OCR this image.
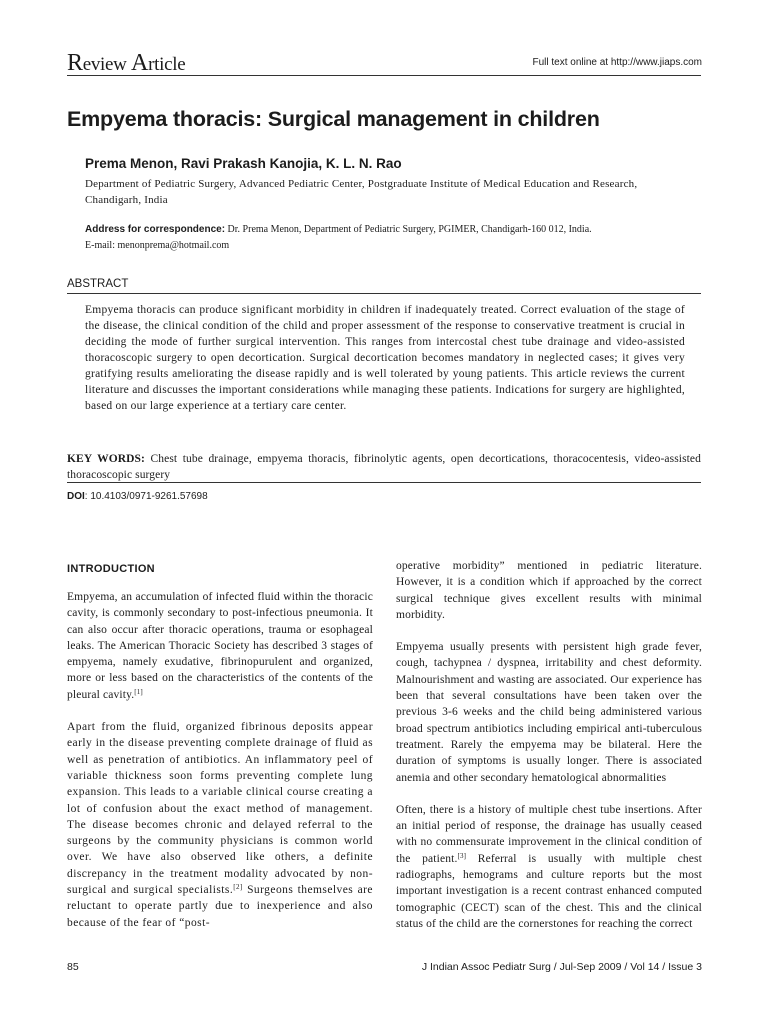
Review Article	Full text online at http://www.jiaps.com
Empyema thoracis: Surgical management in children
Prema Menon, Ravi Prakash Kanojia, K. L. N. Rao
Department of Pediatric Surgery, Advanced Pediatric Center, Postgraduate Institute of Medical Education and Research, Chandigarh, India
Address for correspondence: Dr. Prema Menon, Department of Pediatric Surgery, PGIMER, Chandigarh-160 012, India.
E-mail: menonprema@hotmail.com
ABSTRACT
Empyema thoracis can produce significant morbidity in children if inadequately treated. Correct evaluation of the stage of the disease, the clinical condition of the child and proper assessment of the response to conservative treatment is crucial in deciding the mode of further surgical intervention. This ranges from intercostal chest tube drainage and video-assisted thoracoscopic surgery to open decortication. Surgical decortication becomes mandatory in neglected cases; it gives very gratifying results ameliorating the disease rapidly and is well tolerated by young patients. This article reviews the current literature and discusses the important considerations while managing these patients. Indications for surgery are highlighted, based on our large experience at a tertiary care center.
KEY WORDS: Chest tube drainage, empyema thoracis, fibrinolytic agents, open decortications, thoracocentesis, video-assisted thoracoscopic surgery
DOI: 10.4103/0971-9261.57698
INTRODUCTION

Empyema, an accumulation of infected fluid within the thoracic cavity, is commonly secondary to post-infectious pneumonia. It can also occur after thoracic operations, trauma or esophageal leaks. The American Thoracic Society has described 3 stages of empyema, namely exudative, fibrinopurulent and organized, more or less based on the characteristics of the contents of the pleural cavity.[1]

Apart from the fluid, organized fibrinous deposits appear early in the disease preventing complete drainage of fluid as well as penetration of antibiotics. An inflammatory peel of variable thickness soon forms preventing complete lung expansion. This leads to a variable clinical course creating a lot of confusion about the exact method of management. The disease becomes chronic and delayed referral to the surgeons by the community physicians is common world over. We have also observed like others, a definite discrepancy in the treatment modality advocated by non-surgical and surgical specialists.[2] Surgeons themselves are reluctant to operate partly due to inexperience and also because of the fear of “post-

operative morbidity” mentioned in pediatric literature. However, it is a condition which if approached by the correct surgical technique gives excellent results with minimal morbidity.

Empyema usually presents with persistent high grade fever, cough, tachypnea / dyspnea, irritability and chest deformity. Malnourishment and wasting are associated. Our experience has been that several consultations have been taken over the previous 3-6 weeks and the child being administered various broad spectrum antibiotics including empirical anti-tuberculous treatment. Rarely the empyema may be bilateral. Here the duration of symptoms is usually longer. There is associated anemia and other secondary hematological abnormalities

Often, there is a history of multiple chest tube insertions. After an initial period of response, the drainage has usually ceased with no commensurate improvement in the clinical condition of the patient.[3] Referral is usually with multiple chest radiographs, hemograms and culture reports but the most important investigation is a recent contrast enhanced computed tomographic (CECT) scan of the chest. This and the clinical status of the child are the cornerstones for reaching the correct

85	J Indian Assoc Pediatr Surg / Jul-Sep 2009 / Vol 14 / Issue 3
